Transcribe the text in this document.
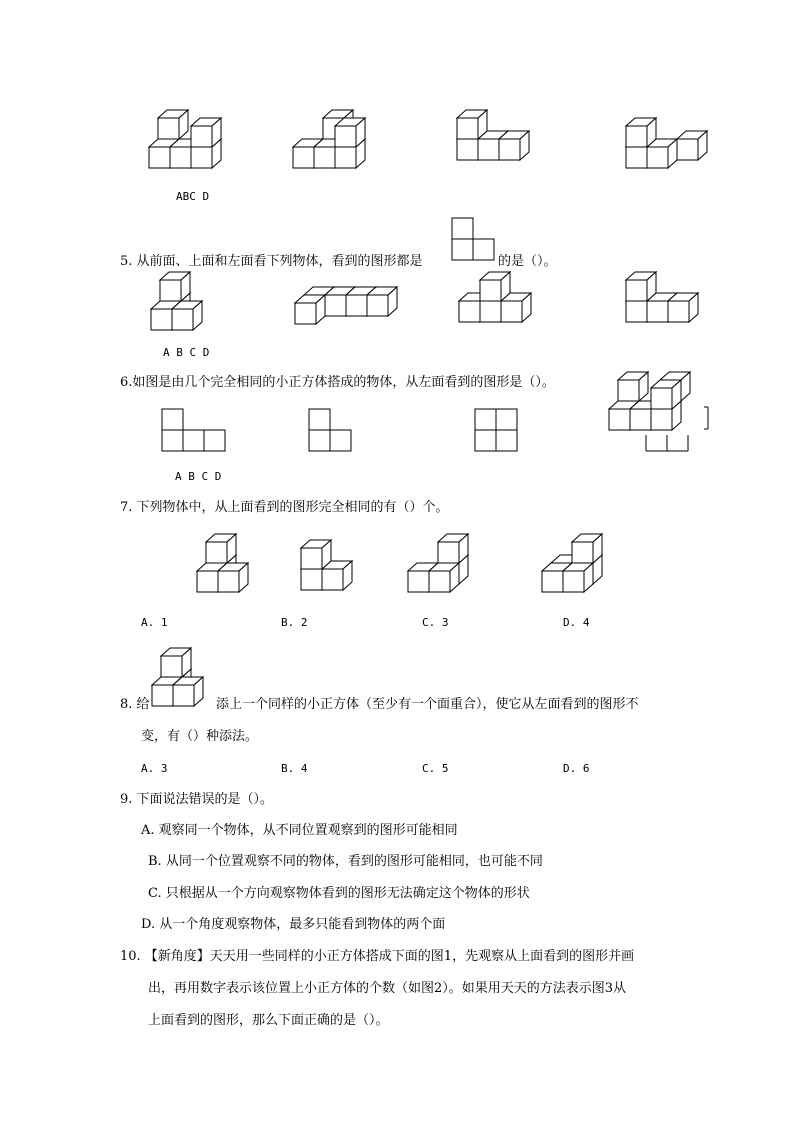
ABC D
5. 从前面、上面和左面看下列物体，看到的图形都是	的是（）。
A B C D
6.如图是由几个完全相同的小正方体搭成的物体，从左面看到的图形是（）。
A B C D
7. 下列物体中，从上面看到的图形完全相同的有（）个。
A. 1	B. 2	C. 3	D. 4
8. 给	添上一个同样的小正方体（至少有一个面重合），使它从左面看到的图形不
变，有（）种添法。
A. 3	B. 4	C. 5	D. 6
9. 下面说法错误的是（）。
A. 观察同一个物体，从不同位置观察到的图形可能相同
B. 从同一个位置观察不同的物体，看到的图形可能相同，也可能不同
C. 只根据从一个方向观察物体看到的图形无法确定这个物体的形状
D. 从一个角度观察物体，最多只能看到物体的两个面
10. 【新角度】天天用一些同样的小正方体搭成下面的图1，先观察从上面看到的图形并画
出，再用数字表示该位置上小正方体的个数（如图2）。如果用天天的方法表示图3从
上面看到的图形，那么下面正确的是（）。
